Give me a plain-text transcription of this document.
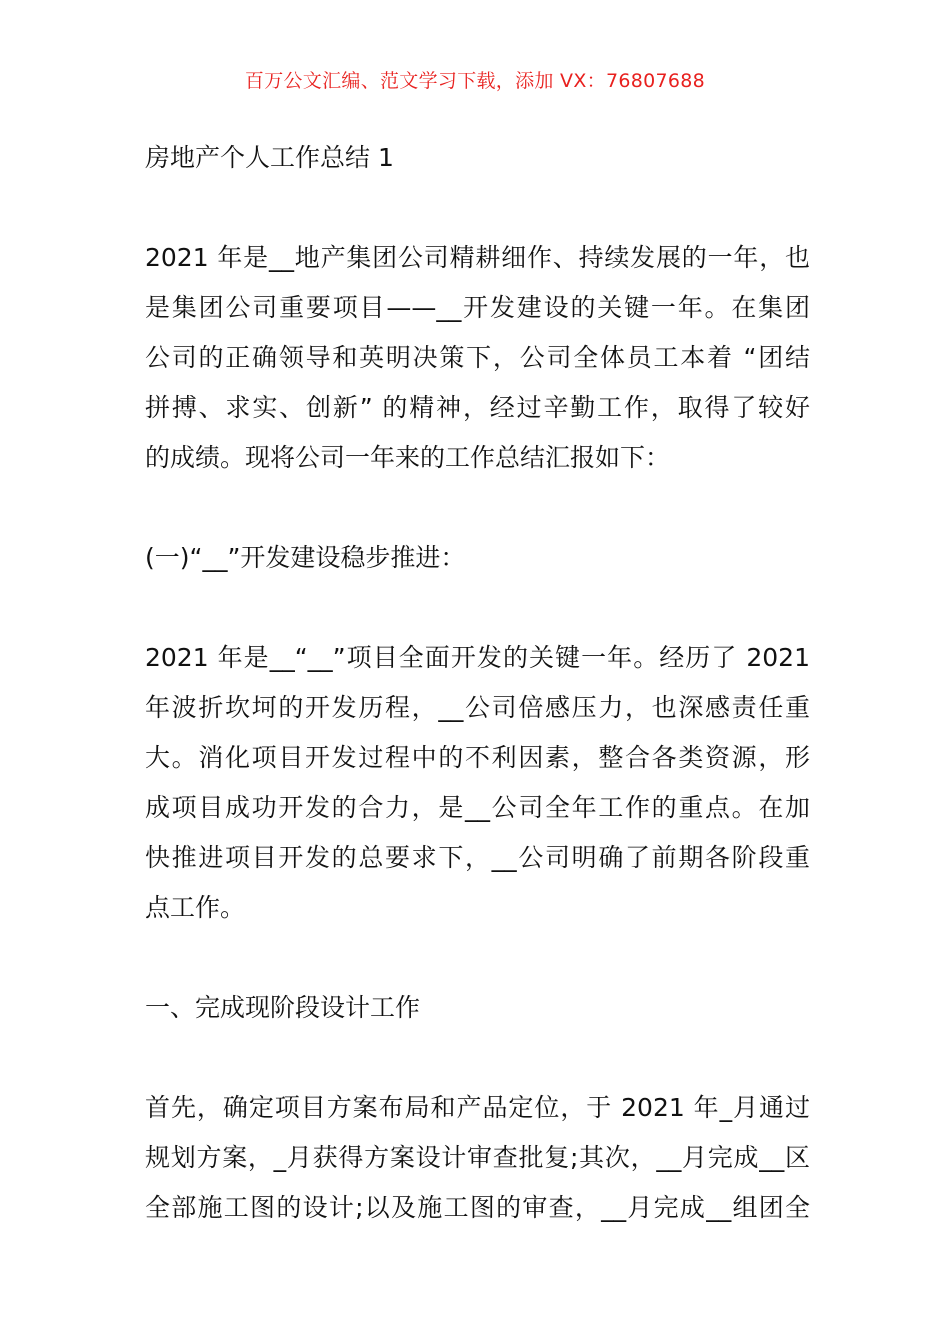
百万公文汇编、范文学习下载，添加 VX：76807688
房地产个人工作总结 1
2021 年是__地产集团公司精耕细作、持续发展的一年，也
是集团公司重要项目——__开发建设的关键一年。在集团
公司的正确领导和英明决策下，公司全体员工本着 “团结
拼搏、求实、创新” 的精神，经过辛勤工作，取得了较好
的成绩。现将公司一年来的工作总结汇报如下：
(一)“__”开发建设稳步推进：
2021 年是__“__”项目全面开发的关键一年。经历了 2021
年波折坎坷的开发历程，__公司倍感压力，也深感责任重
大。消化项目开发过程中的不利因素，整合各类资源，形
成项目成功开发的合力，是__公司全年工作的重点。在加
快推进项目开发的总要求下，__公司明确了前期各阶段重
点工作。
一、完成现阶段设计工作
首先，确定项目方案布局和产品定位，于 2021 年_月通过
规划方案，_月获得方案设计审查批复;其次，__月完成__区
全部施工图的设计;以及施工图的审查，__月完成__组团全
